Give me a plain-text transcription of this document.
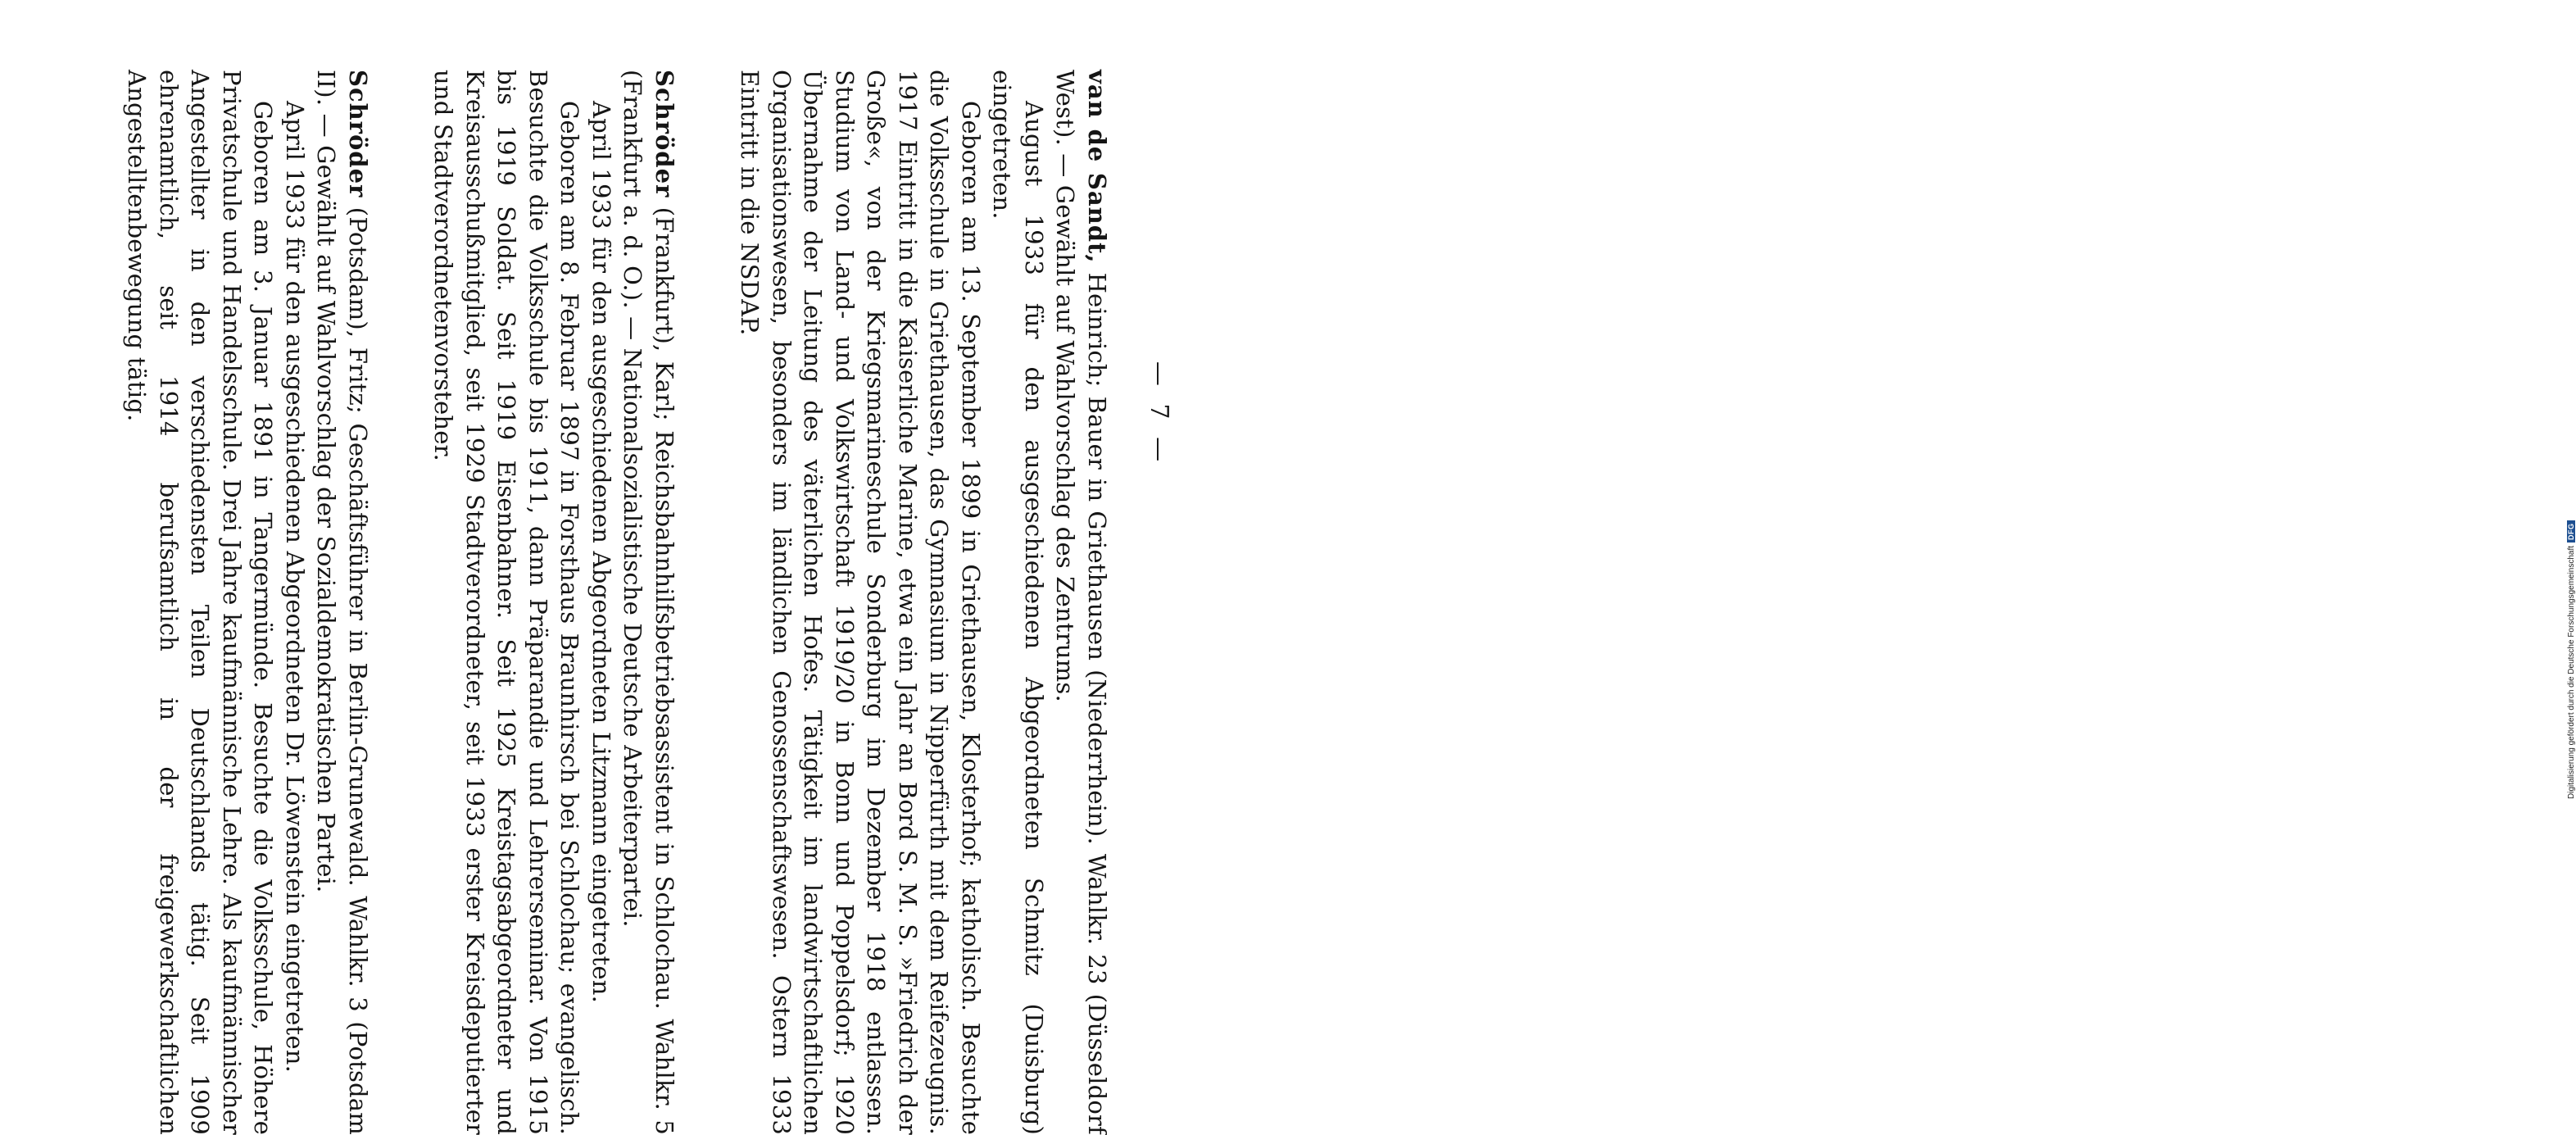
— 7 —

van de Sandt, Heinrich; Bauer in Griethausen (Niederrhein). Wahlkr. 23 (Düsseldorf West). — Gewählt auf Wahlvorschlag des Zentrums.

August 1933 für den ausgeschiedenen Abgeordneten Schmitz (Duisburg) eingetreten.

Geboren am 13. September 1899 in Griethausen, Klosterhof; katholisch. Besuchte die Volksschule in Griethausen, das Gymnasium in Nipperfürth mit dem Reifezeugnis. 1917 Eintritt in die Kaiserliche Marine, etwa ein Jahr an Bord S. M. S. »Friedrich der Große«, von der Kriegsmarineschule Sonderburg im Dezember 1918 entlassen. Studium von Land- und Volkswirtschaft 1919/20 in Bonn und Poppelsdorf; 1920 Übernahme der Leitung des väterlichen Hofes. Tätigkeit im landwirtschaftlichen Organisationswesen, besonders im ländlichen Genossenschaftswesen. Ostern 1933 Eintritt in die NSDAP.

Schröder (Frankfurt), Karl; Reichsbahnhilfsbetriebsassistent in Schlochau. Wahlkr. 5 (Frankfurt a. d. O.). — Nationalsozialistische Deutsche Arbeiterpartei.

April 1933 für den ausgeschiedenen Abgeordneten Litzmann eingetreten.

Geboren am 8. Februar 1897 in Forsthaus Braunhirsch bei Schlochau; evangelisch. Besuchte die Volksschule bis 1911, dann Präparandie und Lehrerseminar. Von 1915 bis 1919 Soldat. Seit 1919 Eisenbahner. Seit 1925 Kreistagsabgeordneter und Kreisausschußmitglied, seit 1929 Stadtverordneter, seit 1933 erster Kreisdeputierter und Stadtverordnetenvorsteher.

Schröder (Potsdam), Fritz; Geschäftsführer in Berlin-Grunewald. Wahlkr. 3 (Potsdam II). — Gewählt auf Wahlvorschlag der Sozialdemokratischen Partei.

April 1933 für den ausgeschiedenen Abgeordneten Dr. Löwenstein eingetreten.

Geboren am 3. Januar 1891 in Tangermünde. Besuchte die Volksschule, Höhere Privatschule und Handelsschule. Drei Jahre kaufmännische Lehre. Als kaufmännischer Angestellter in den verschiedensten Teilen Deutschlands tätig. Seit 1909 ehrenamtlich, seit 1914 berufsamtlich in der freigewerkschaftlichen Angestelltenbewegung tätig.

Digitalisierung gefördert durch die Deutsche ForschungsgemeinschaftDFG
